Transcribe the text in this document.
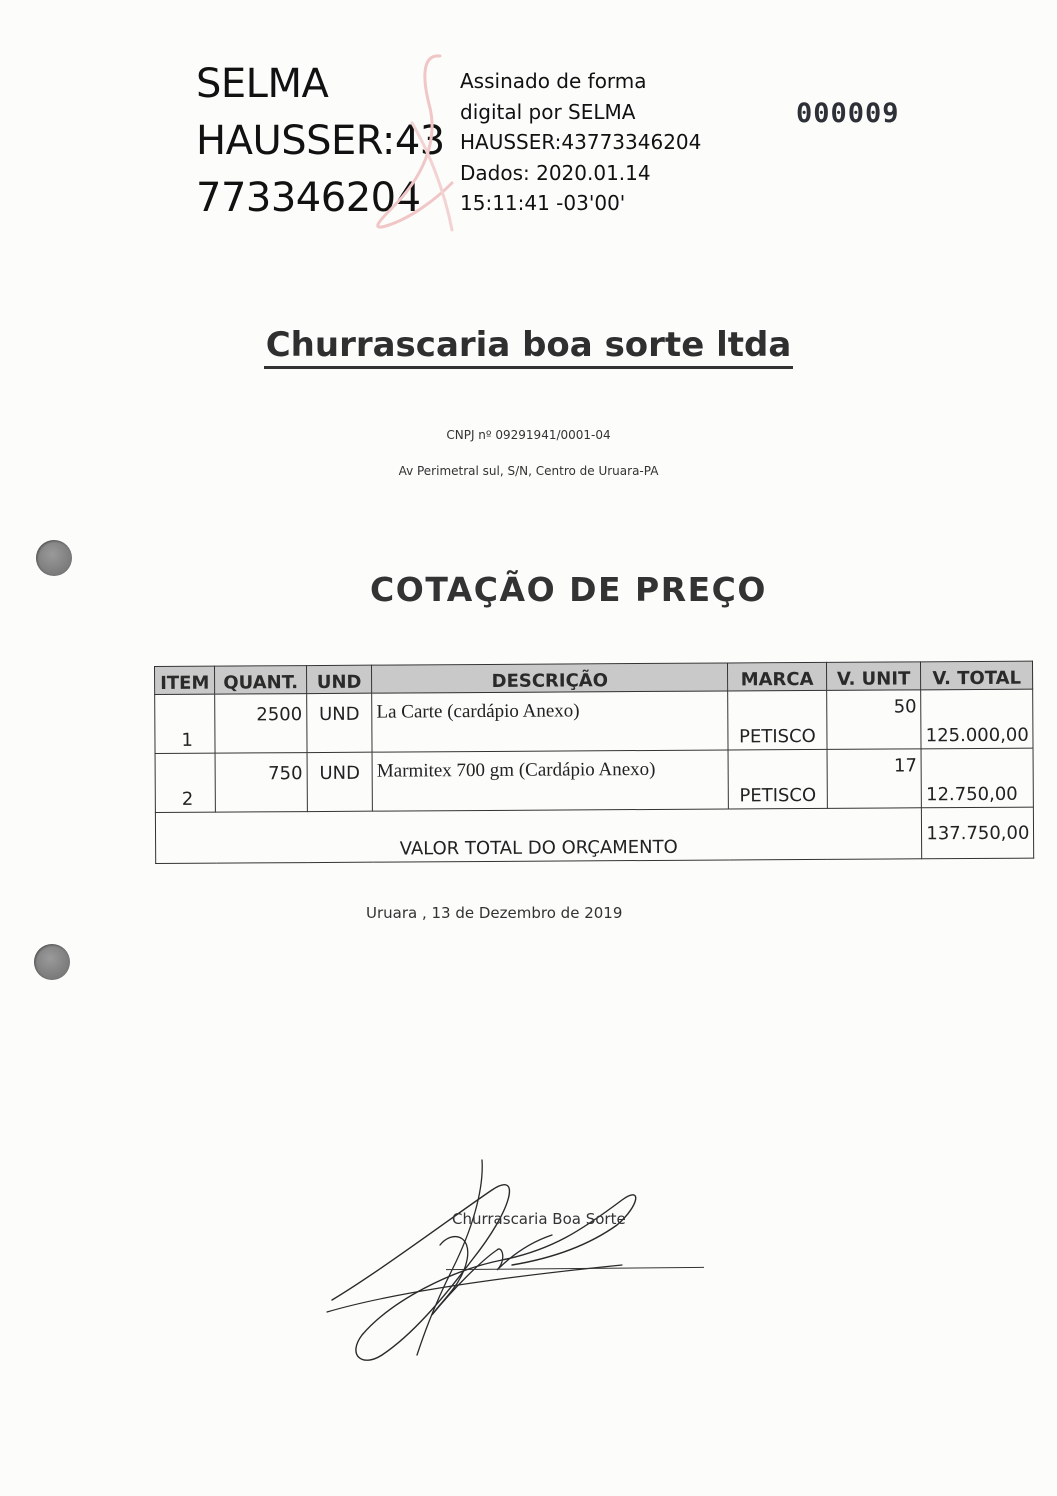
SELMA
HAUSSER:43
773346204
Assinado de forma
digital por SELMA
HAUSSER:43773346204
Dados: 2020.01.14
15:11:41 -03'00'
000009
Churrascaria boa sorte ltda
CNPJ nº 09291941/0001-04
Av Perimetral sul, S/N, Centro de Uruara-PA
COTAÇÃO DE PREÇO
ITEM	QUANT.	UND	DESCRIÇÃO	MARCA	V. UNIT	V. TOTAL
1	2500	UND	La Carte (cardápio Anexo)	PETISCO	50	125.000,00
2	750	UND	Marmitex 700 gm (Cardápio Anexo)	PETISCO	17	12.750,00
VALOR TOTAL DO ORÇAMENTO						137.750,00
Uruara , 13 de Dezembro de 2019
Churrascaria Boa Sorte
